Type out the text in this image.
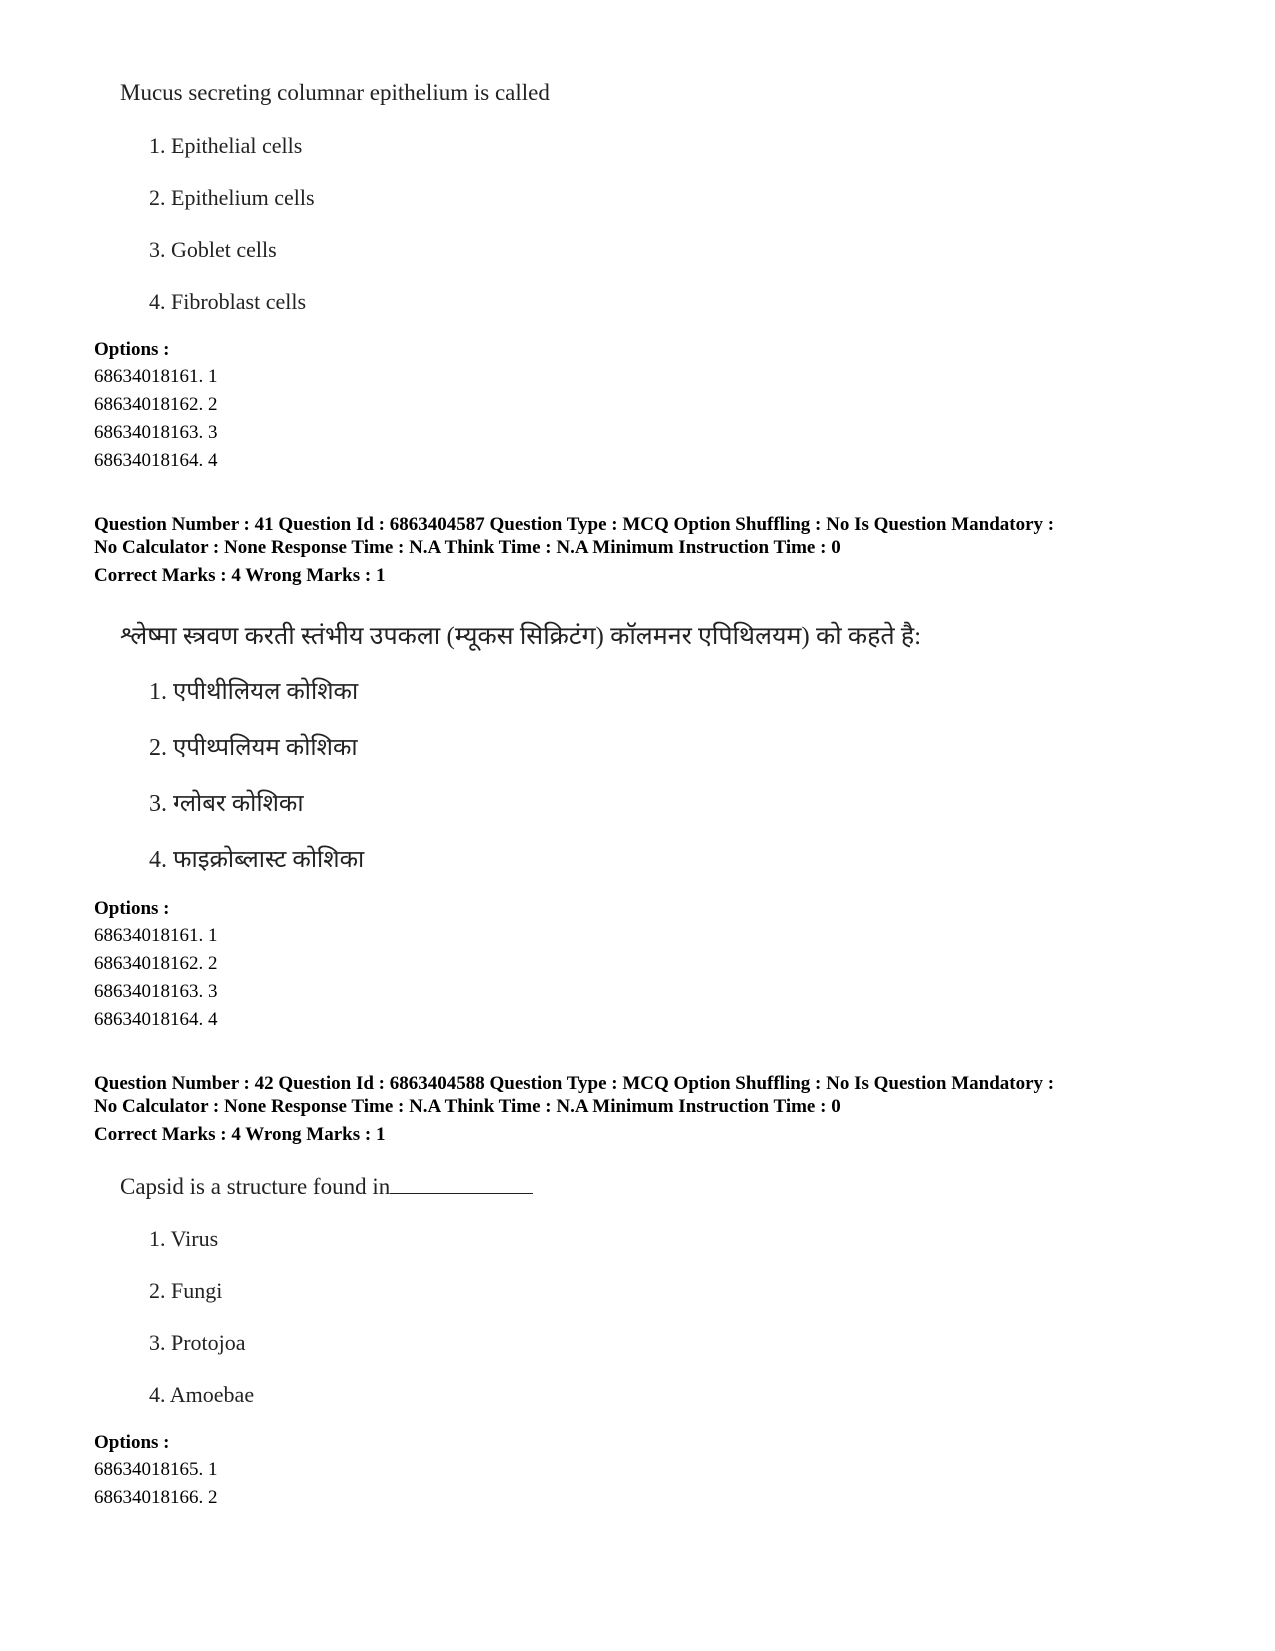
Mucus secreting columnar epithelium is called
1. Epithelial cells
2. Epithelium cells
3. Goblet cells
4. Fibroblast cells
Options :
68634018161. 1
68634018162. 2
68634018163. 3
68634018164. 4
Question Number : 41 Question Id : 6863404587 Question Type : MCQ Option Shuffling : No Is Question Mandatory :
No Calculator : None Response Time : N.A Think Time : N.A Minimum Instruction Time : 0
Correct Marks : 4 Wrong Marks : 1
श्लेष्मा स्त्रवण करती स्तंभीय उपकला (म्यूकस सिक्रिटंग) कॉलमनर एपिथिलयम) को कहते है:
1. एपीथीलियल कोशिका
2. एपीथ्पलियम कोशिका
3. ग्लोबर कोशिका
4. फाइक्रोब्लास्ट कोशिका
Options :
68634018161. 1
68634018162. 2
68634018163. 3
68634018164. 4
Question Number : 42 Question Id : 6863404588 Question Type : MCQ Option Shuffling : No Is Question Mandatory :
No Calculator : None Response Time : N.A Think Time : N.A Minimum Instruction Time : 0
Correct Marks : 4 Wrong Marks : 1
Capsid is a structure found in
1. Virus
2. Fungi
3. Protojoa
4. Amoebae
Options :
68634018165. 1
68634018166. 2
